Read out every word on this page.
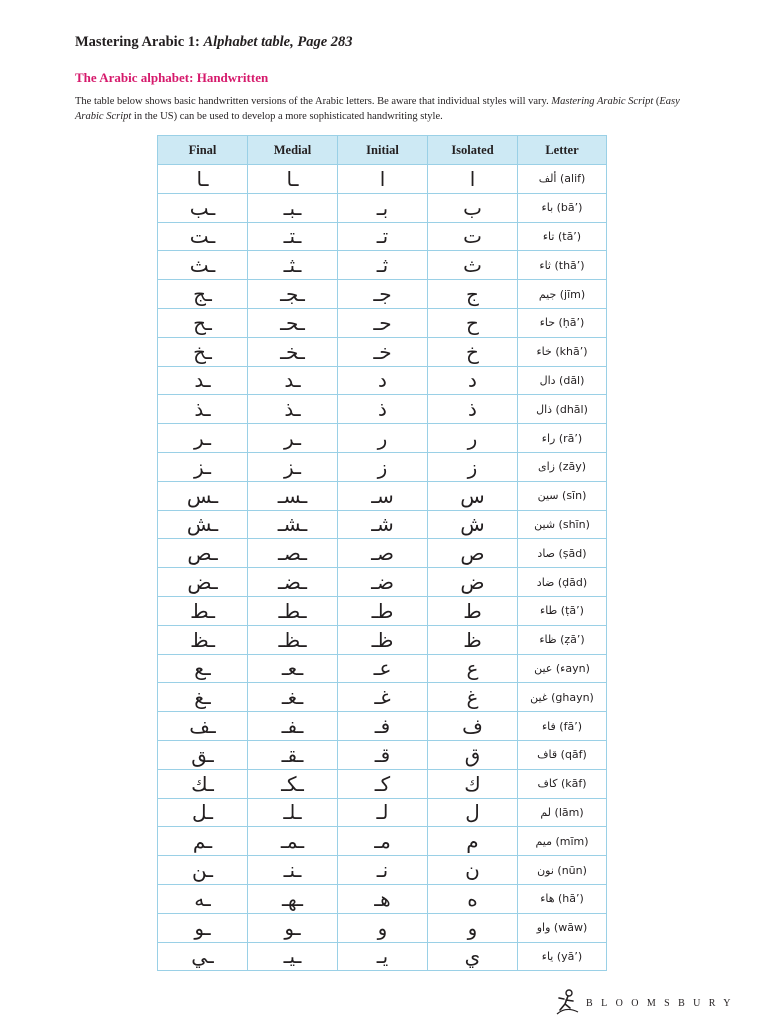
Mastering Arabic 1: Alphabet table, Page 283
The Arabic alphabet: Handwritten
The table below shows basic handwritten versions of the Arabic letters. Be aware that individual styles will vary. Mastering Arabic Script (Easy Arabic Script in the US) can be used to develop a more sophisticated handwriting style.
Final	Medial	Initial	Isolated	Letter
ـا	ـا	ا	ا	ألف (alif)
ـب	ـبـ	بـ	ب	باء (bā’)
ـت	ـتـ	تـ	ت	تاء (tā’)
ـث	ـثـ	ثـ	ث	ثاء (thā’)
ـج	ـجـ	جـ	ج	جيم (jīm)
ـح	ـحـ	حـ	ح	حاء (ḥā’)
ـخ	ـخـ	خـ	خ	خاء (khā’)
ـد	ـد	د	د	دال (dāl)
ـذ	ـذ	ذ	ذ	ذال (dhāl)
ـر	ـر	ر	ر	راء (rā’)
ـز	ـز	ز	ز	زاى (zāy)
ـس	ـسـ	سـ	س	سين (sīn)
ـش	ـشـ	شـ	ش	شين (shīn)
ـص	ـصـ	صـ	ص	صاد (ṣād)
ـض	ـضـ	ضـ	ض	ضاد (ḍād)
ـط	ـطـ	طـ	ط	طاء (ṭā’)
ـظ	ـظـ	ظـ	ظ	ظاء (ẓā’)
ـع	ـعـ	عـ	ع	عين (ءayn)
ـغ	ـغـ	غـ	غ	غين (ghayn)
ـف	ـفـ	فـ	ف	فاء (fā’)
ـق	ـقـ	قـ	ق	قاف (qāf)
ـك	ـكـ	كـ	ك	كاف (kāf)
ـل	ـلـ	لـ	ل	لم (lām)
ـم	ـمـ	مـ	م	ميم (mīm)
ـن	ـنـ	نـ	ن	نون (nūn)
ـه	ـهـ	هـ	ه	هاء (hā’)
ـو	ـو	و	و	واو (wāw)
ـي	ـيـ	يـ	ي	ياء (yā’)
BLOOMSBURY
